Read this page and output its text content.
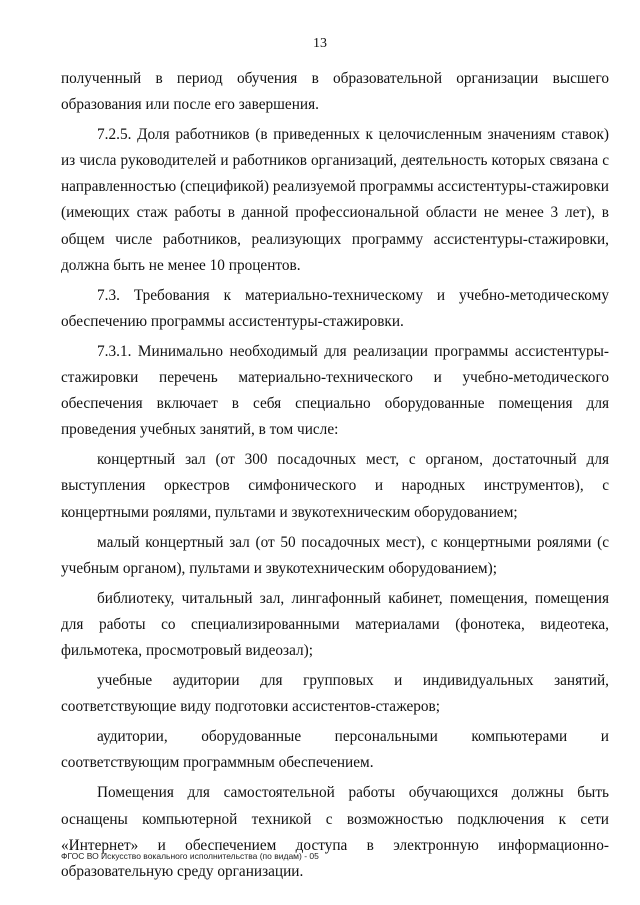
13

полученный в период обучения в образовательной организации высшего образования или после его завершения.

7.2.5. Доля работников (в приведенных к целочисленным значениям ставок) из числа руководителей и работников организаций, деятельность которых связана с направленностью (спецификой) реализуемой программы ассистентуры-стажировки (имеющих стаж работы в данной профессиональной области не менее 3 лет), в общем числе работников, реализующих программу ассистентуры-стажировки, должна быть не менее 10 процентов.

7.3. Требования к материально-техническому и учебно-методическому обеспечению программы ассистентуры-стажировки.

7.3.1. Минимально необходимый для реализации программы ассистентуры-стажировки перечень материально-технического и учебно-методического обеспечения включает в себя специально оборудованные помещения для проведения учебных занятий, в том числе:

концертный зал (от 300 посадочных мест, с органом, достаточный для выступления оркестров симфонического и народных инструментов), с концертными роялями, пультами и звукотехническим оборудованием;

малый концертный зал (от 50 посадочных мест), с концертными роялями (с учебным органом), пультами и звукотехническим оборудованием);

библиотеку, читальный зал, лингафонный кабинет, помещения, помещения для работы со специализированными материалами (фонотека, видеотека, фильмотека, просмотровый видеозал);

учебные аудитории для групповых и индивидуальных занятий, соответствующие виду подготовки ассистентов-стажеров;

аудитории, оборудованные персональными компьютерами и соответствующим программным обеспечением.

Помещения для самостоятельной работы обучающихся должны быть оснащены компьютерной техникой с возможностью подключения к сети «Интернет» и обеспечением доступа в электронную информационно-образовательную среду организации.

ФГОС ВО Искусство вокального исполнительства (по видам) - 05
